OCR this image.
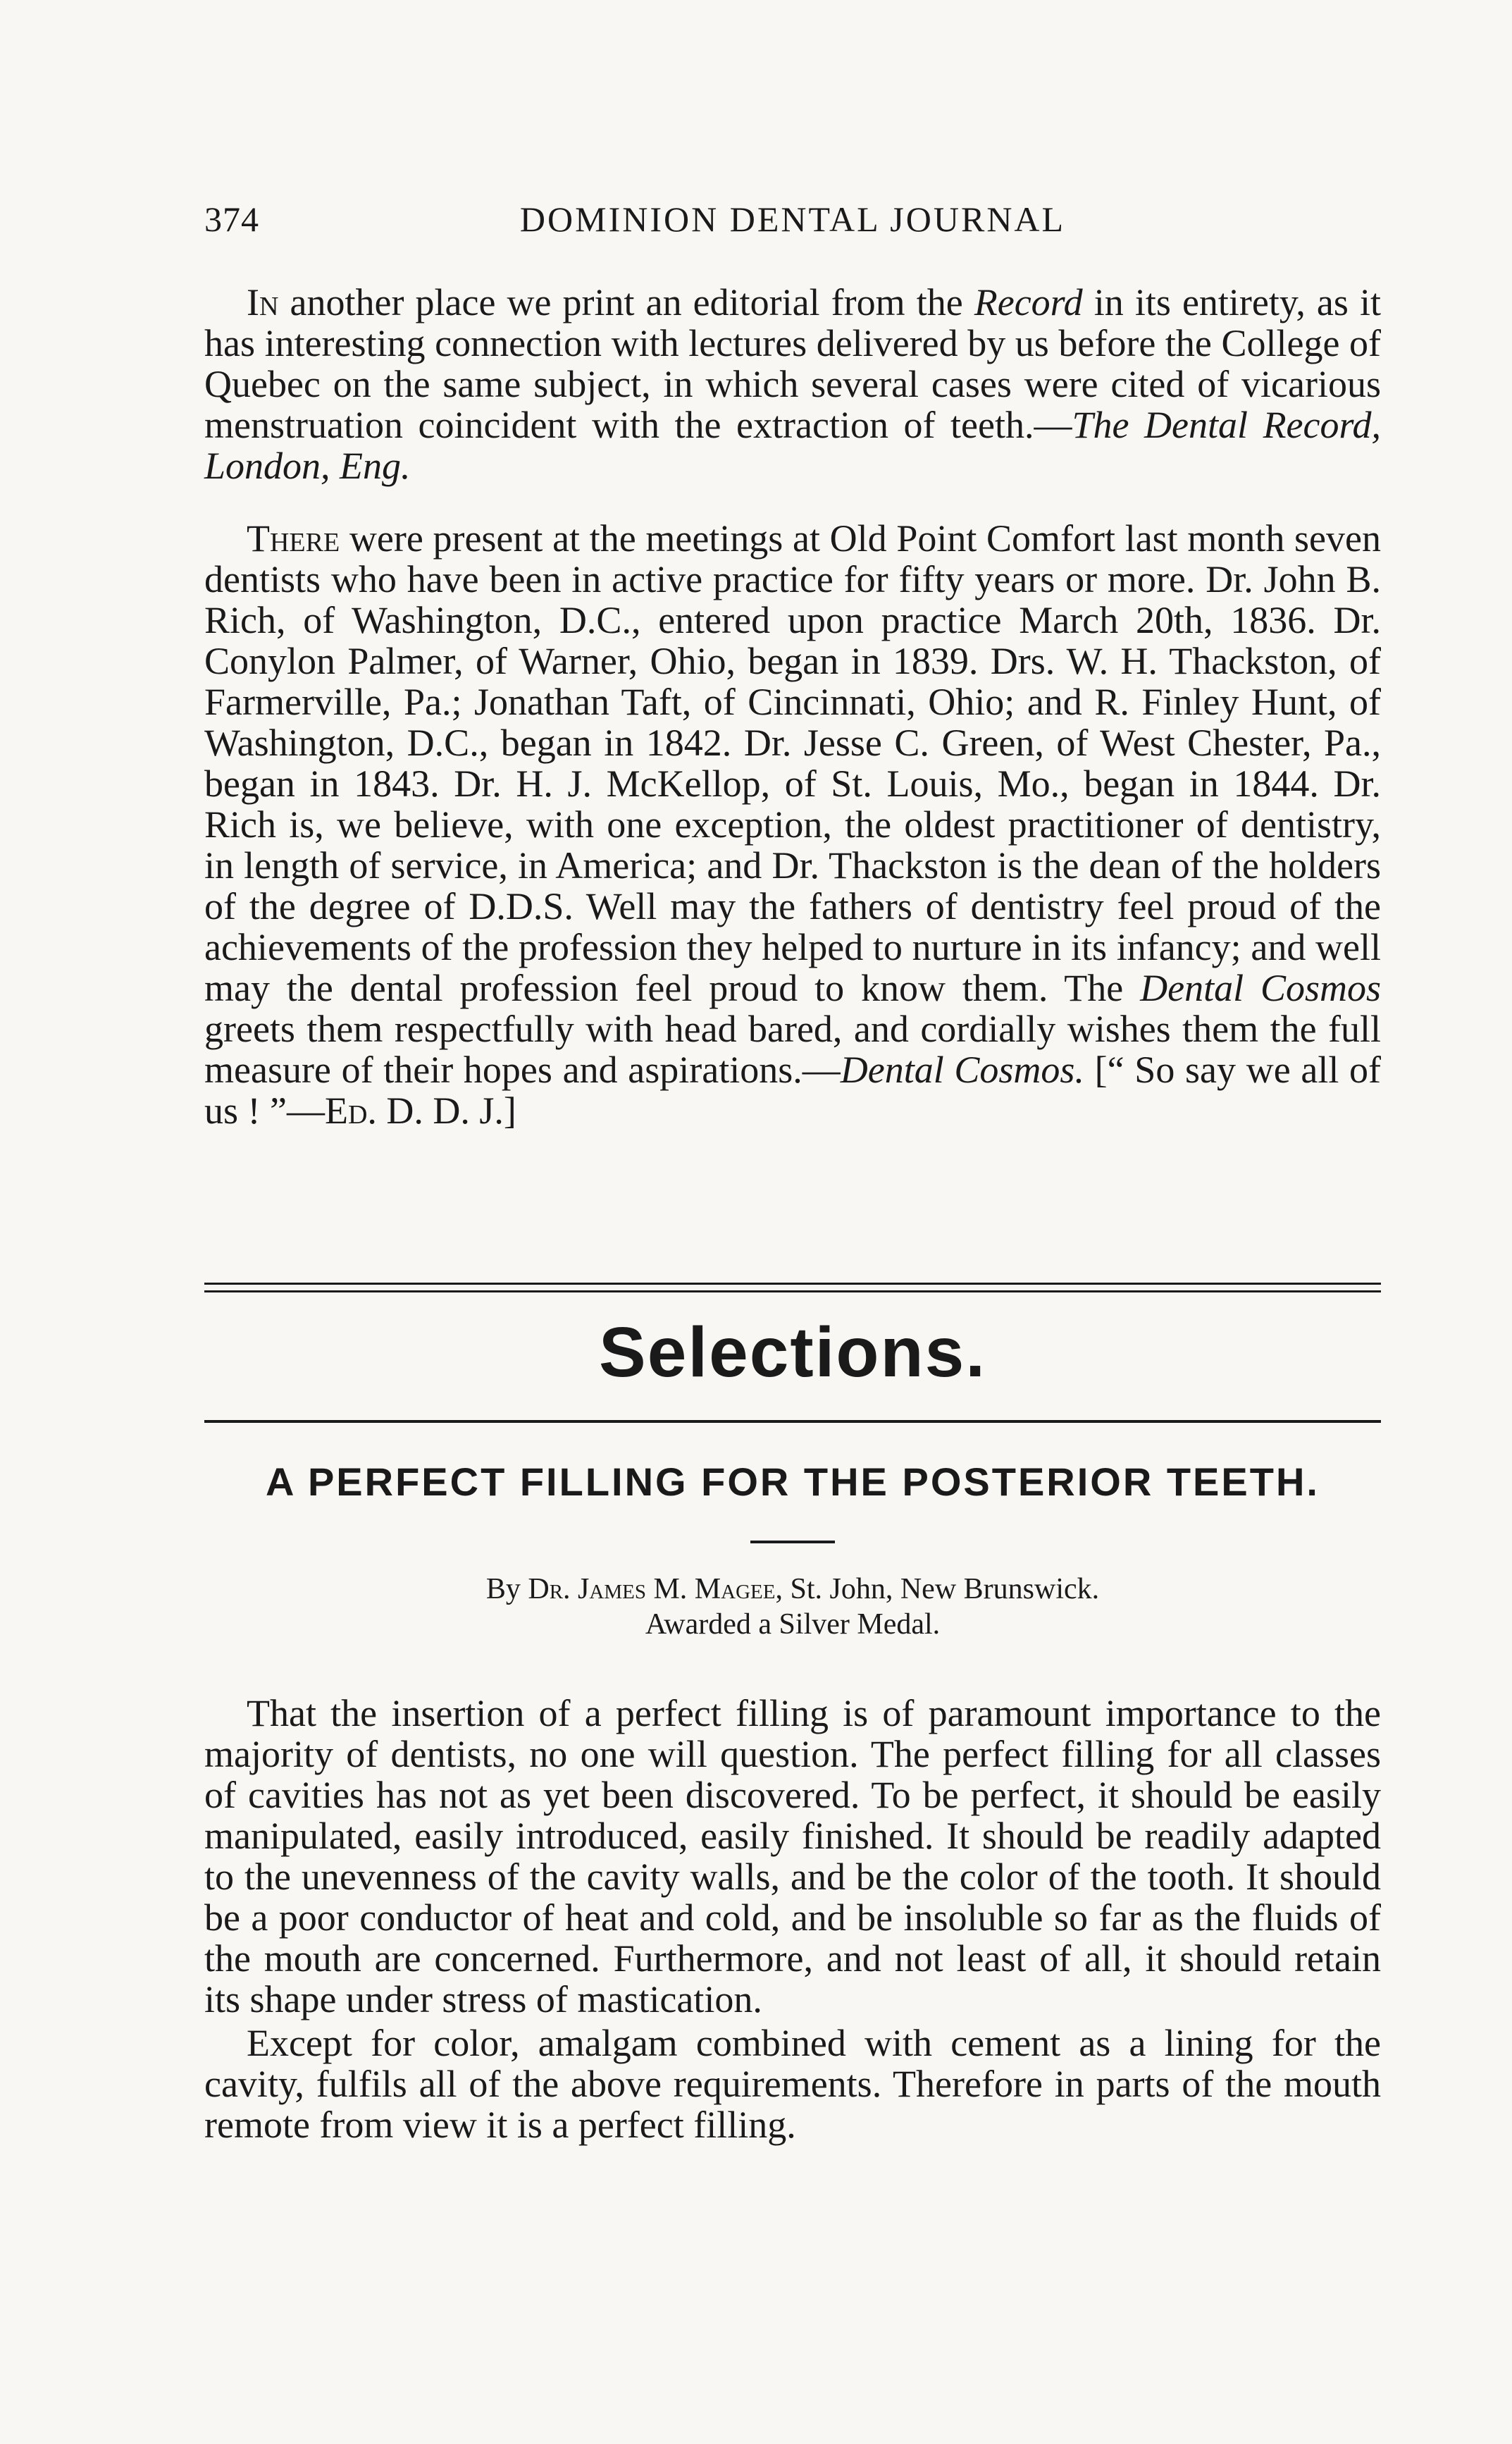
374	DOMINION DENTAL JOURNAL

In another place we print an editorial from the Record in its entirety, as it has interesting connection with lectures delivered by us before the College of Quebec on the same subject, in which several cases were cited of vicarious menstruation coincident with the extraction of teeth.—The Dental Record, London, Eng.

There were present at the meetings at Old Point Comfort last month seven dentists who have been in active practice for fifty years or more. Dr. John B. Rich, of Washington, D.C., entered upon practice March 20th, 1836. Dr. Conylon Palmer, of Warner, Ohio, began in 1839. Drs. W. H. Thackston, of Farmerville, Pa.; Jonathan Taft, of Cincinnati, Ohio; and R. Finley Hunt, of Washington, D.C., began in 1842. Dr. Jesse C. Green, of West Chester, Pa., began in 1843. Dr. H. J. McKellop, of St. Louis, Mo., began in 1844. Dr. Rich is, we believe, with one exception, the oldest practitioner of dentistry, in length of service, in America; and Dr. Thackston is the dean of the holders of the degree of D.D.S. Well may the fathers of dentistry feel proud of the achievements of the profession they helped to nurture in its infancy; and well may the dental profession feel proud to know them. The Dental Cosmos greets them respectfully with head bared, and cordially wishes them the full measure of their hopes and aspirations.—Dental Cosmos. [“ So say we all of us ! ”—Ed. D. D. J.]

Selections.
A PERFECT FILLING FOR THE POSTERIOR TEETH.
By Dr. James M. Magee, St. John, New Brunswick.
Awarded a Silver Medal.

That the insertion of a perfect filling is of paramount importance to the majority of dentists, no one will question. The perfect filling for all classes of cavities has not as yet been discovered. To be perfect, it should be easily manipulated, easily introduced, easily finished. It should be readily adapted to the unevenness of the cavity walls, and be the color of the tooth. It should be a poor conductor of heat and cold, and be insoluble so far as the fluids of the mouth are concerned. Furthermore, and not least of all, it should retain its shape under stress of mastication.

Except for color, amalgam combined with cement as a lining for the cavity, fulfils all of the above requirements. Therefore in parts of the mouth remote from view it is a perfect filling.
